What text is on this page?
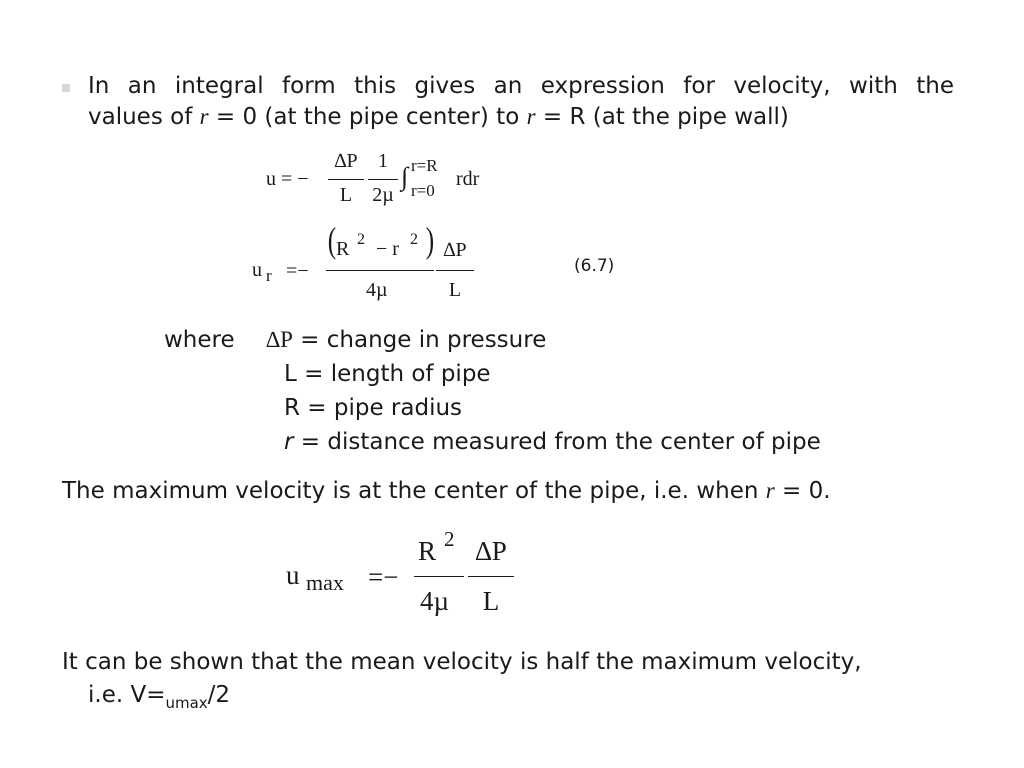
In an integral form this gives an expression for velocity, with the
values of r = 0 (at the pipe center) to r = R (at the pipe wall)
u = −
∆P
L
1
2µ
∫ r=R
r=0
rdr
u r =−
( R 2 − r 2 )
4µ
∆P
L
(6.7)
where ∆P = change in pressure
L = length of pipe
R = pipe radius
r = distance measured from the center of pipe
The maximum velocity is at the center of the pipe, i.e. when r = 0.
u max =−
R 2
4µ
∆P
L
It can be shown that the mean velocity is half the maximum velocity,
i.e. $V=_{umax}/2$
